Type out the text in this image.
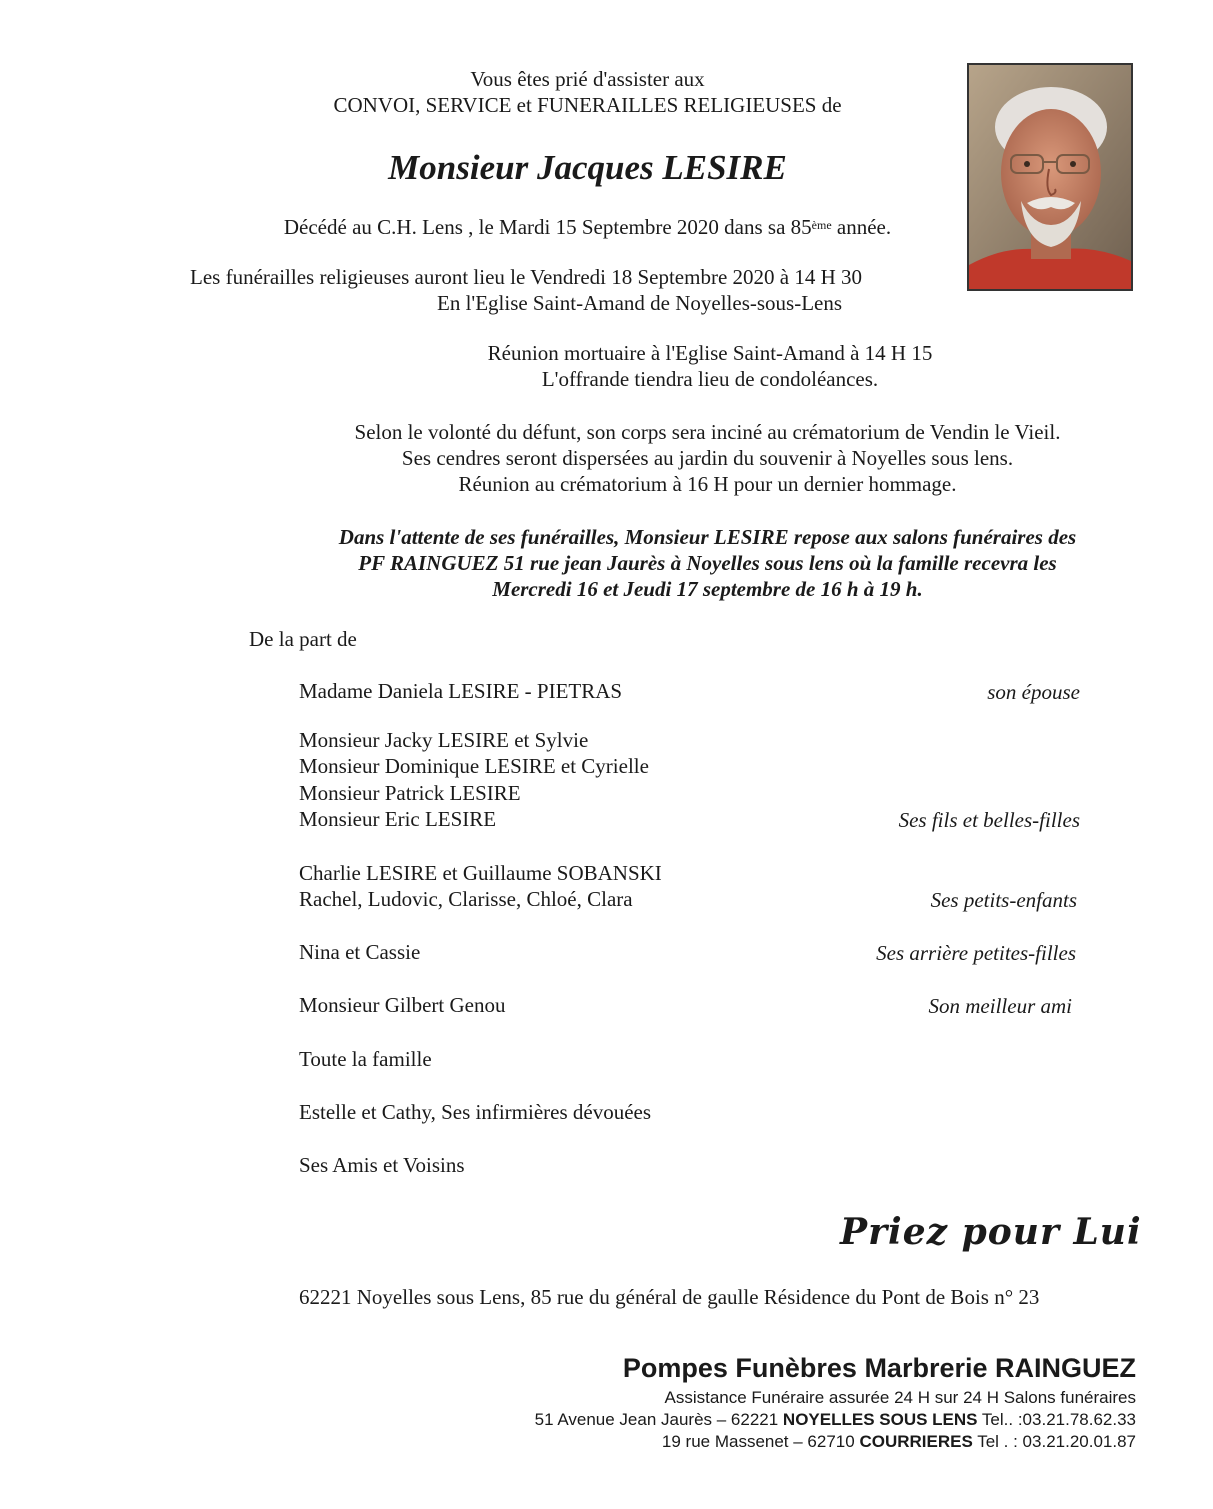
Vous êtes prié d'assister aux
CONVOI, SERVICE et FUNERAILLES RELIGIEUSES de
Monsieur Jacques LESIRE
Décédé au C.H. Lens , le Mardi 15 Septembre 2020 dans sa 85ème année.
Les funérailles religieuses auront lieu le Vendredi 18 Septembre 2020 à 14 H 30
En l'Eglise Saint-Amand de Noyelles-sous-Lens
Réunion mortuaire à l'Eglise Saint-Amand à 14 H 15
L'offrande tiendra lieu de condoléances.
Selon le volonté du défunt, son corps sera inciné au crématorium de Vendin le Vieil.
Ses cendres seront dispersées au jardin du souvenir à Noyelles sous lens.
Réunion au crématorium à 16 H pour un dernier hommage.
Dans l'attente de ses funérailles, Monsieur LESIRE repose aux salons funéraires des
PF RAINGUEZ 51 rue jean Jaurès à Noyelles sous lens où la famille recevra les
Mercredi 16 et Jeudi 17 septembre de 16 h à 19 h.
De la part de
Madame Daniela LESIRE - PIETRAS	son épouse
Monsieur Jacky LESIRE et Sylvie
Monsieur Dominique LESIRE et Cyrielle
Monsieur Patrick LESIRE
Monsieur Eric LESIRE	Ses fils et belles-filles
Charlie LESIRE et Guillaume SOBANSKI
Rachel, Ludovic, Clarisse, Chloé, Clara	Ses petits-enfants
Nina et Cassie	Ses arrière petites-filles
Monsieur Gilbert Genou	Son meilleur ami
Toute la famille
Estelle et Cathy, Ses infirmières dévouées
Ses Amis et Voisins
Priez pour Lui
62221 Noyelles sous Lens, 85 rue du général de gaulle Résidence du Pont de Bois n° 23
Pompes Funèbres Marbrerie RAINGUEZ
Assistance Funéraire assurée 24 H sur 24 H Salons funéraires
51 Avenue Jean Jaurès – 62221 NOYELLES SOUS LENS Tel.. :03.21.78.62.33
19 rue Massenet – 62710 COURRIERES Tel . : 03.21.20.01.87
